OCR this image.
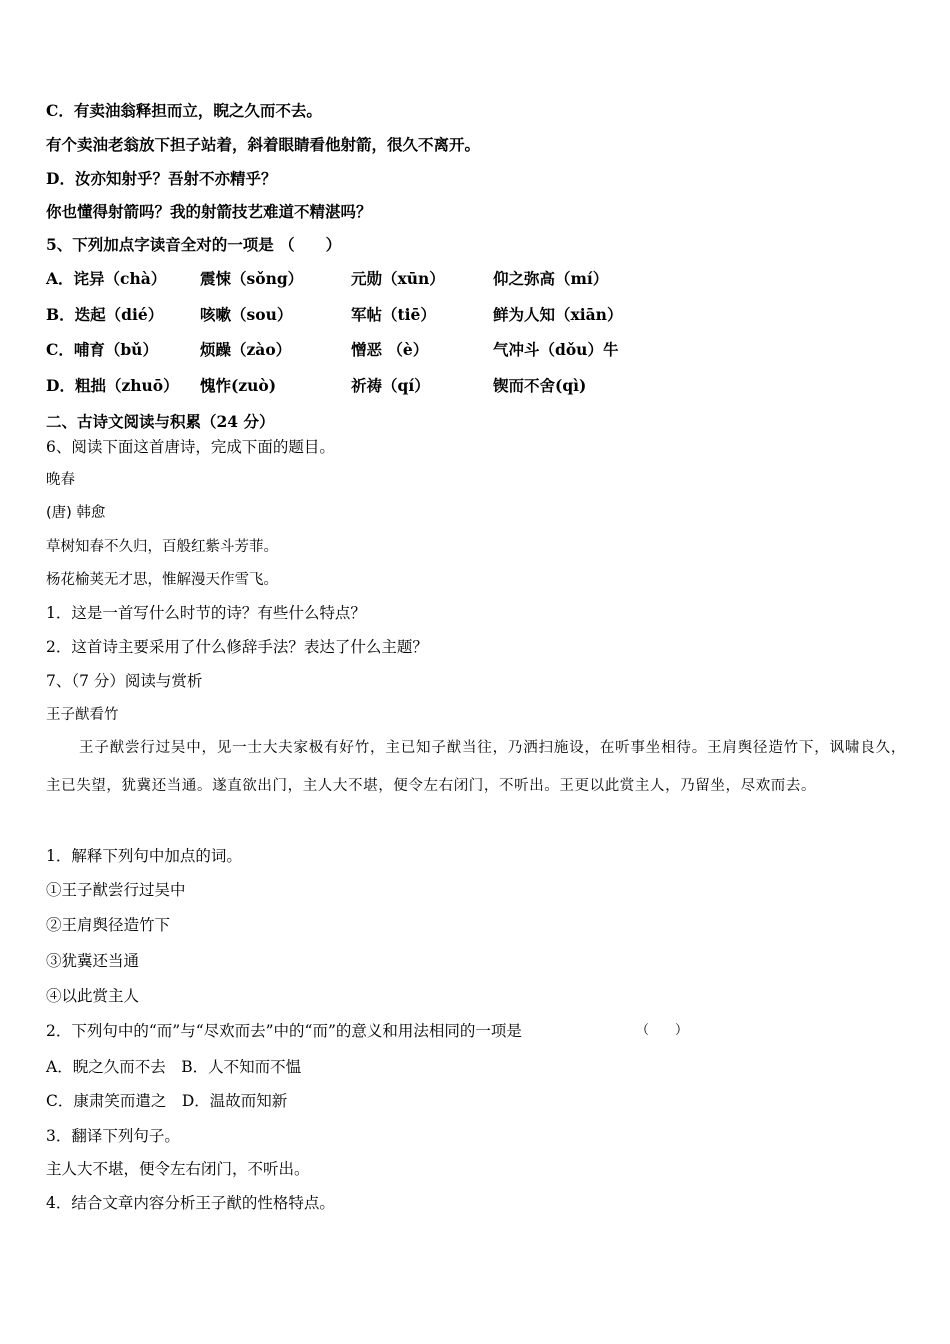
C．有卖油翁释担而立，睨之久而不去。
有个卖油老翁放下担子站着，斜着眼睛看他射箭，很久不离开。
D．汝亦知射乎？吾射不亦精乎？
你也懂得射箭吗？我的射箭技艺难道不精湛吗？
5、下列加点字读音全对的一项是 （　　）
A．诧异（chà） 震悚（sǒng）	元勋（xūn）	仰之弥高（mí）
B．迭起（dié） 咳嗽（sou）	军帖（tiē）	鲜为人知（xiān）
C．哺育（bǔ）	烦躁（zào）	憎恶 （è）	气冲斗（dǒu）牛
D．粗拙（zhuō） 愧怍(zuò)	祈祷（qí）	锲而不舍(qì)
二、古诗文阅读与积累（24 分）
6、阅读下面这首唐诗，完成下面的题目。
晚春
(唐) 韩愈
草树知春不久归，百般红紫斗芳菲。
杨花榆荚无才思，惟解漫天作雪飞。
1．这是一首写什么时节的诗？有些什么特点？
2．这首诗主要采用了什么修辞手法？表达了什么主题？
7、（7 分）阅读与赏析
王子猷看竹
王子猷尝行过吴中，见一士大夫家极有好竹，主已知子猷当往，乃洒扫施设，在听事坐相待。王肩舆径造竹下，讽啸良久，主已失望，犹冀还当通。遂直欲出门，主人大不堪，便令左右闭门，不听出。王更以此赏主人，乃留坐，尽欢而去。
1．解释下列句中加点的词。
①王子猷尝行过吴中
②王肩舆径造竹下
③犹冀还当通
④以此赏主人
2．下列句中的“而”与“尽欢而去”中的“而”的意义和用法相同的一项是	（　　）
A．睨之久而不去　B．人不知而不愠
C．康肃笑而遣之　D．温故而知新
3．翻译下列句子。
主人大不堪，便令左右闭门，不听出。
4．结合文章内容分析王子猷的性格特点。
